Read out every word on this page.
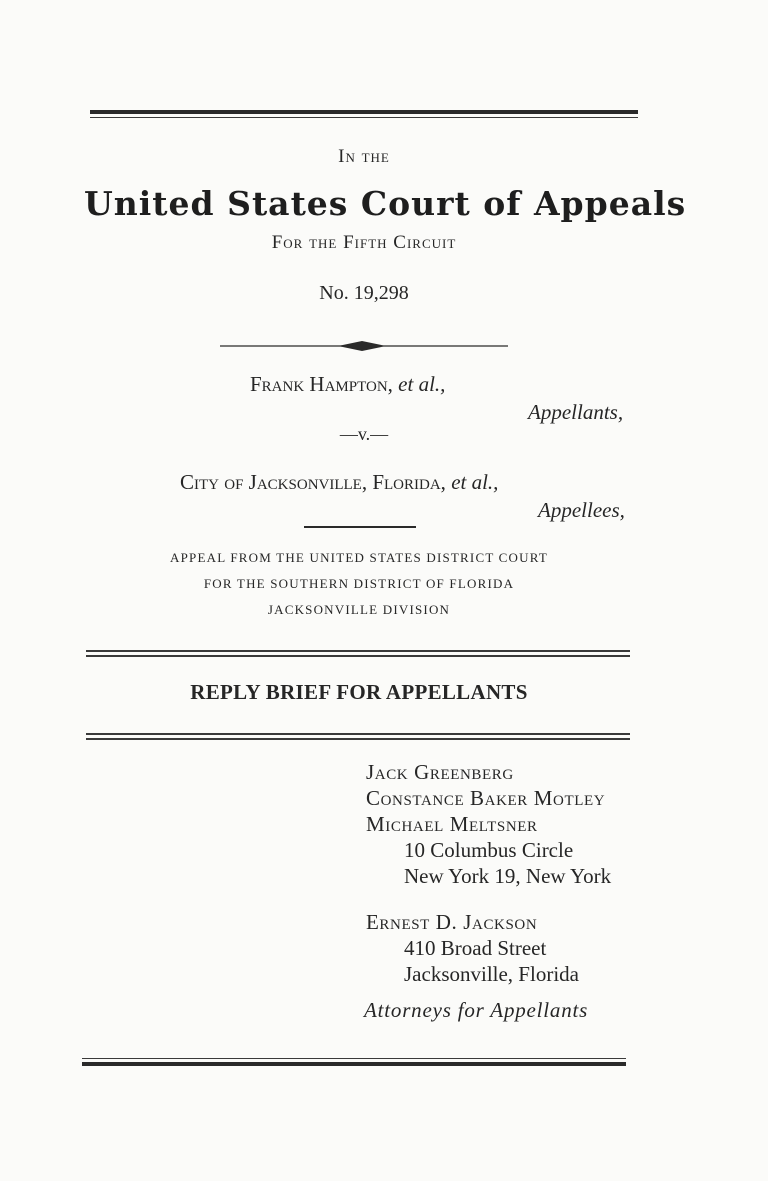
In the
United States Court of Appeals
For the Fifth Circuit
No. 19,298
Frank Hampton, et al.,
Appellants,
—v.—
City of Jacksonville, Florida, et al.,
Appellees,
APPEAL FROM THE UNITED STATES DISTRICT COURT
FOR THE SOUTHERN DISTRICT OF FLORIDA
JACKSONVILLE DIVISION
REPLY BRIEF FOR APPELLANTS
Jack Greenberg
Constance Baker Motley
Michael Meltsner
10 Columbus Circle
New York 19, New York
Ernest D. Jackson
410 Broad Street
Jacksonville, Florida
Attorneys for Appellants
